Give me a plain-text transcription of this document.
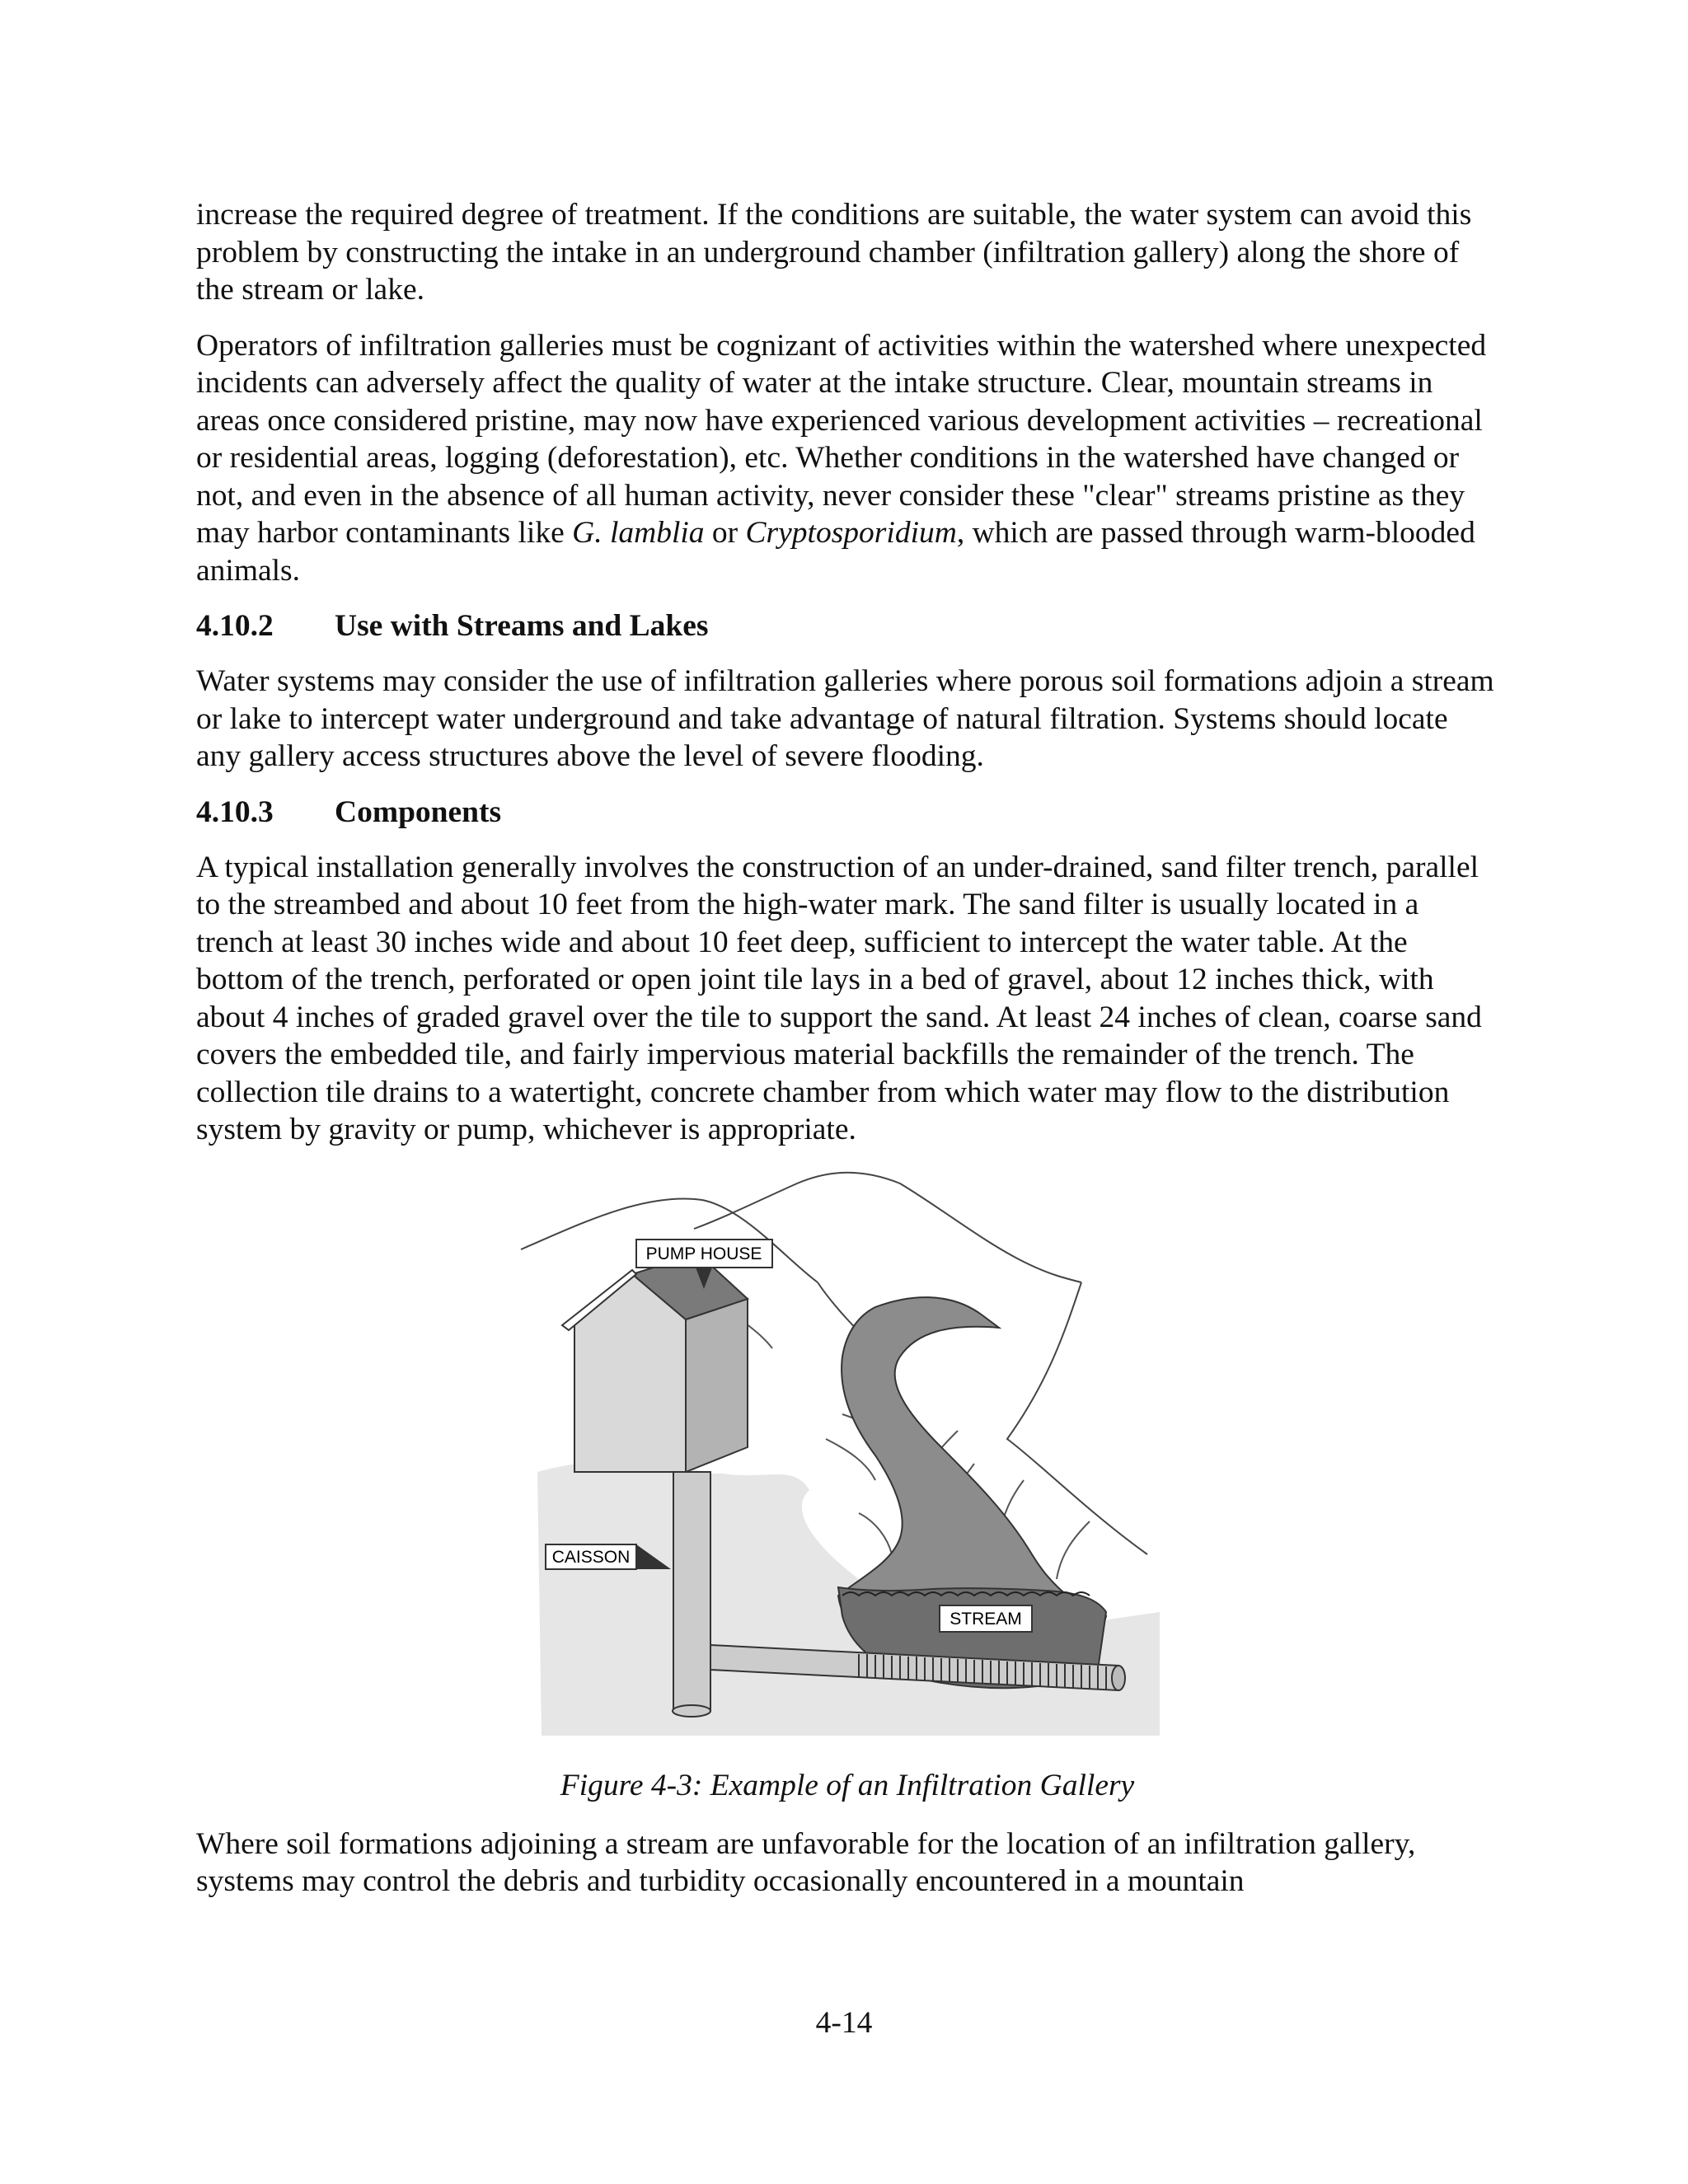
increase the required degree of treatment. If the conditions are suitable, the water system can avoid this problem by constructing the intake in an underground chamber (infiltration gallery) along the shore of the stream or lake.

Operators of infiltration galleries must be cognizant of activities within the watershed where unexpected incidents can adversely affect the quality of water at the intake structure. Clear, mountain streams in areas once considered pristine, may now have experienced various development activities – recreational or residential areas, logging (deforestation), etc. Whether conditions in the watershed have changed or not, and even in the absence of all human activity, never consider these "clear" streams pristine as they may harbor contaminants like G. lamblia or Cryptosporidium, which are passed through warm-blooded animals.

4.10.2 Use with Streams and Lakes

Water systems may consider the use of infiltration galleries where porous soil formations adjoin a stream or lake to intercept water underground and take advantage of natural filtration. Systems should locate any gallery access structures above the level of severe flooding.

4.10.3 Components

A typical installation generally involves the construction of an under-drained, sand filter trench, parallel to the streambed and about 10 feet from the high-water mark. The sand filter is usually located in a trench at least 30 inches wide and about 10 feet deep, sufficient to intercept the water table. At the bottom of the trench, perforated or open joint tile lays in a bed of gravel, about 12 inches thick, with about 4 inches of graded gravel over the tile to support the sand. At least 24 inches of clean, coarse sand covers the embedded tile, and fairly impervious material backfills the remainder of the trench. The collection tile drains to a watertight, concrete chamber from which water may flow to the distribution system by gravity or pump, whichever is appropriate.

PUMP HOUSE
CAISSON
STREAM
Figure 4-3: Example of an Infiltration Gallery

Where soil formations adjoining a stream are unfavorable for the location of an infiltration gallery, systems may control the debris and turbidity occasionally encountered in a mountain

4-14
